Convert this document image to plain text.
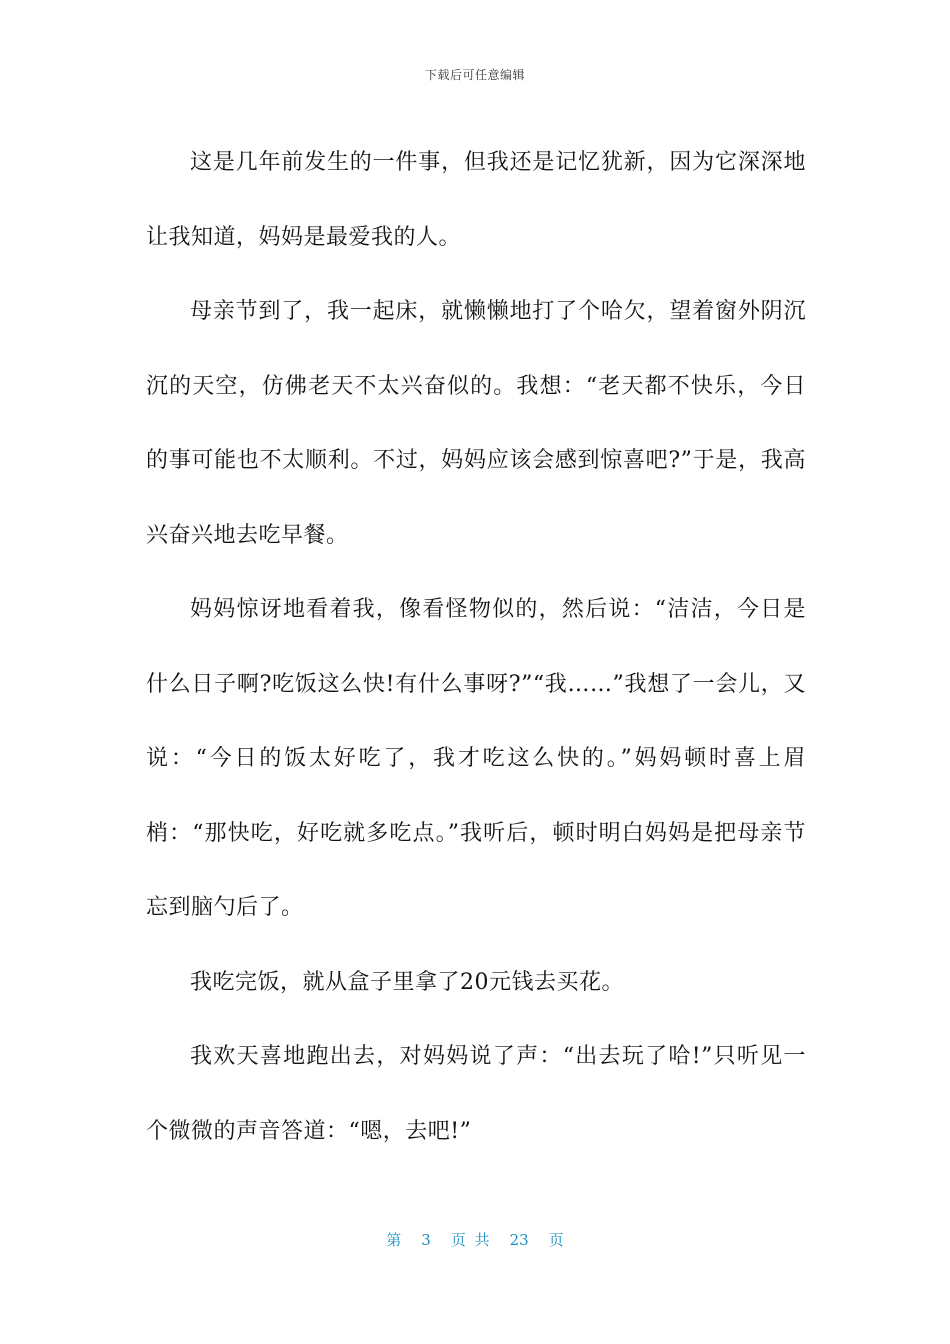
下载后可任意编辑

这是几年前发生的一件事，但我还是记忆犹新，因为它深深地让我知道，妈妈是最爱我的人。

母亲节到了，我一起床，就懒懒地打了个哈欠，望着窗外阴沉沉的天空，仿佛老天不太兴奋似的。我想：“老天都不快乐，今日的事可能也不太顺利。不过，妈妈应该会感到惊喜吧?”于是，我高兴奋兴地去吃早餐。

妈妈惊讶地看着我，像看怪物似的，然后说：“洁洁，今日是什么日子啊?吃饭这么快!有什么事呀?”“我……”我想了一会儿，又说：“今日的饭太好吃了，我才吃这么快的。”妈妈顿时喜上眉梢：“那快吃，好吃就多吃点。”我听后，顿时明白妈妈是把母亲节忘到脑勺后了。

我吃完饭，就从盒子里拿了20元钱去买花。

我欢天喜地跑出去，对妈妈说了声：“出去玩了哈!”只听见一个微微的声音答道：“嗯，去吧!”

第 3 页 共 23 页
